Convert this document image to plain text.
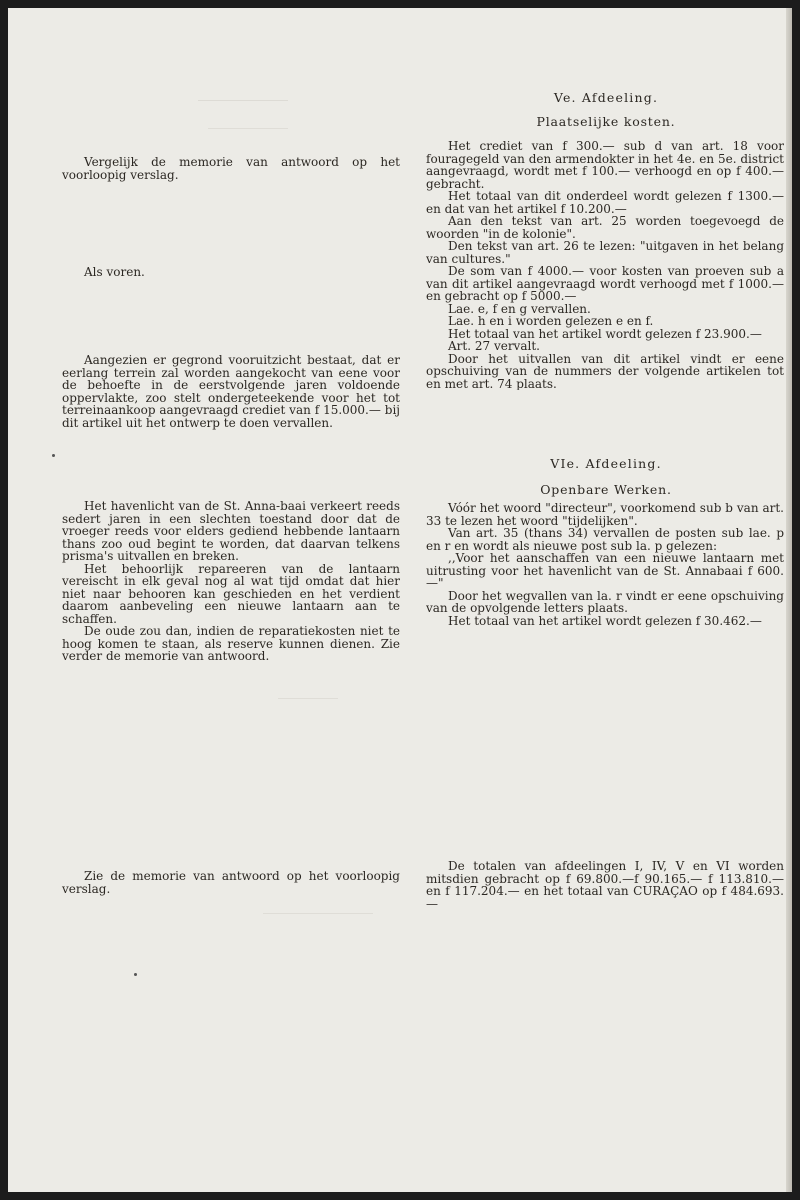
Vergelijk de memorie van antwoord op het voorloopig verslag.

Als voren.

Aangezien er gegrond vooruitzicht bestaat, dat er eerlang terrein zal worden aangekocht van eene voor de behoefte in de eerstvolgende jaren voldoende oppervlakte, zoo stelt ondergeteekende voor het tot terreinaankoop aangevraagd crediet van f 15.000.— bij dit artikel uit het ontwerp te doen vervallen.

Het havenlicht van de St. Anna-baai verkeert reeds sedert jaren in een slechten toestand door dat de vroeger reeds voor elders gediend hebbende lantaarn thans zoo oud begint te worden, dat daarvan telkens prisma's uitvallen en breken.

Het behoorlijk repareeren van de lantaarn vereischt in elk geval nog al wat tijd omdat dat hier niet naar behooren kan geschieden en het verdient daarom aanbeveling een nieuwe lantaarn aan te schaffen.

De oude zou dan, indien de reparatiekosten niet te hoog komen te staan, als reserve kunnen dienen. Zie verder de memorie van antwoord.

Zie de memorie van antwoord op het voorloopig verslag.

Ve. Afdeeling.
Plaatselijke kosten.

Het crediet van f 300.— sub d van art. 18 voor fouragegeld van den armendokter in het 4e. en 5e. district aangevraagd, wordt met f 100.— verhoogd en op f 400.— gebracht.

Het totaal van dit onderdeel wordt gelezen f 1300.— en dat van het artikel f 10.200.—

Aan den tekst van art. 25 worden toegevoegd de woorden "in de kolonie".

Den tekst van art. 26 te lezen: "uitgaven in het belang van cultures."

De som van f 4000.— voor kosten van proeven sub a van dit artikel aangevraagd wordt verhoogd met f 1000.— en gebracht op f 5000.—

Lae. e, f en g vervallen.

Lae. h en i worden gelezen e en f.

Het totaal van het artikel wordt gelezen f 23.900.—

Art. 27 vervalt.

Door het uitvallen van dit artikel vindt er eene opschuiving van de nummers der volgende artikelen tot en met art. 74 plaats.

VIe. Afdeeling.
Openbare Werken.

Vóór het woord "directeur", voorkomend sub b van art. 33 te lezen het woord "tijdelijken".

Van art. 35 (thans 34) vervallen de posten sub lae. p en r en wordt als nieuwe post sub la. p gelezen:

,,Voor het aanschaffen van een nieuwe lantaarn met uitrusting voor het havenlicht van de St. Annabaai f 600.—"

Door het wegvallen van la. r vindt er eene opschuiving van de opvolgende letters plaats.

Het totaal van het artikel wordt gelezen f 30.462.—

De totalen van afdeelingen I, IV, V en VI worden mitsdien gebracht op f 69.800.—f 90.165.— f 113.810.— en f 117.204.— en het totaal van CURAÇAO op f 484.693.—
